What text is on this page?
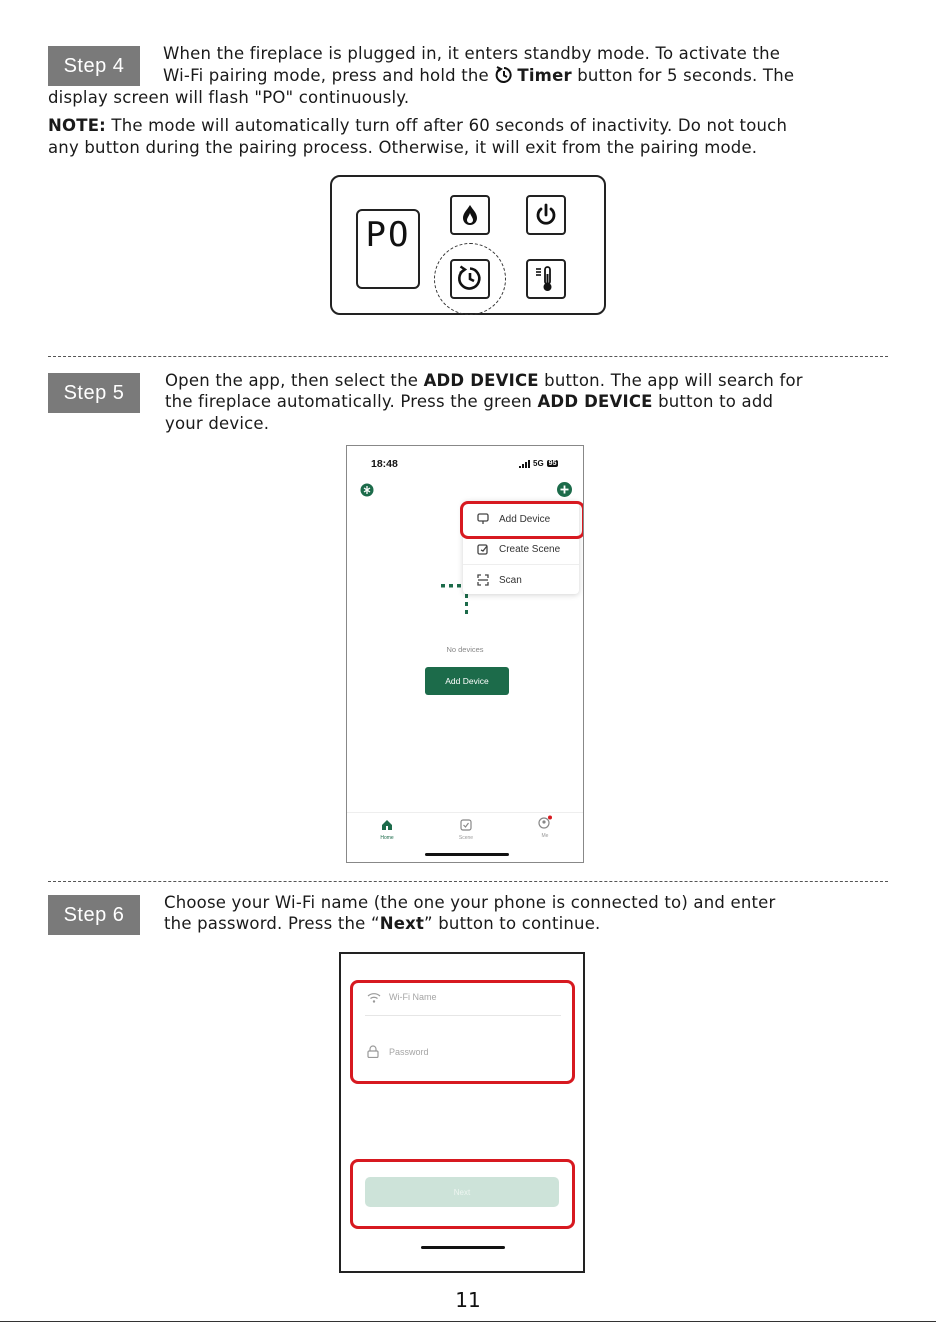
Step 4
When the fireplace is plugged in, it enters standby mode. To activate the
Wi-Fi pairing mode, press and hold the Timer button for 5 seconds. The
display screen will flash "PO" continuously.
NOTE: The mode will automatically turn off after 60 seconds of inactivity. Do not touch
any button during the pairing process. Otherwise, it will exit from the pairing mode.
PO
Step 5
Open the app, then select the ADD DEVICE button. The app will search for
the fireplace automatically. Press the green ADD DEVICE button to add
your device.
18:48	5G 95
Add Device
Create Scene
Scan
No devices
Add Device
Home	Scene	Me
Step 6
Choose your Wi-Fi name (the one your phone is connected to) and enter
the password. Press the “Next” button to continue.
Wi-Fi Name
Password
Next
11
